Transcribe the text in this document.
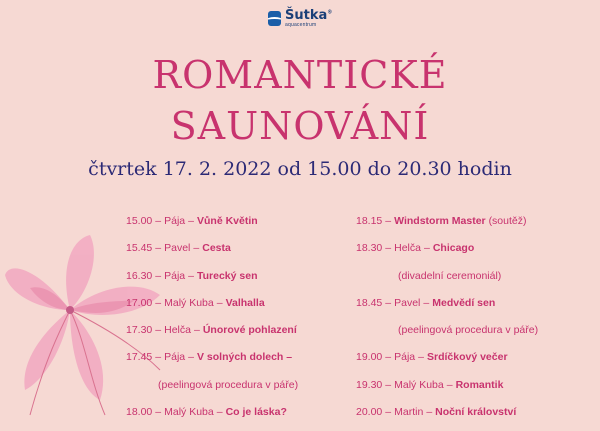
Šutka®
aquacentrum
ROMANTICKÉ
SAUNOVÁNÍ
čtvrtek 17. 2. 2022 od 15.00 do 20.30 hodin
15.00 – Pája – Vůně Květin
15.45 – Pavel – Cesta
16.30 – Pája – Turecký sen
17.00 – Malý Kuba – Valhalla
17.30 – Helča – Únorové pohlazení
17.45 – Pája – V solných dolech –
(peelingová procedura v páře)
18.00 – Malý Kuba – Co je láska?
18.15 – Windstorm Master (soutěž)
18.30 – Helča – Chicago
(divadelní ceremoniál)
18.45 – Pavel – Medvědí sen
(peelingová procedura v páře)
19.00 – Pája – Srdíčkový večer
19.30 – Malý Kuba – Romantik
20.00 – Martin – Noční království
